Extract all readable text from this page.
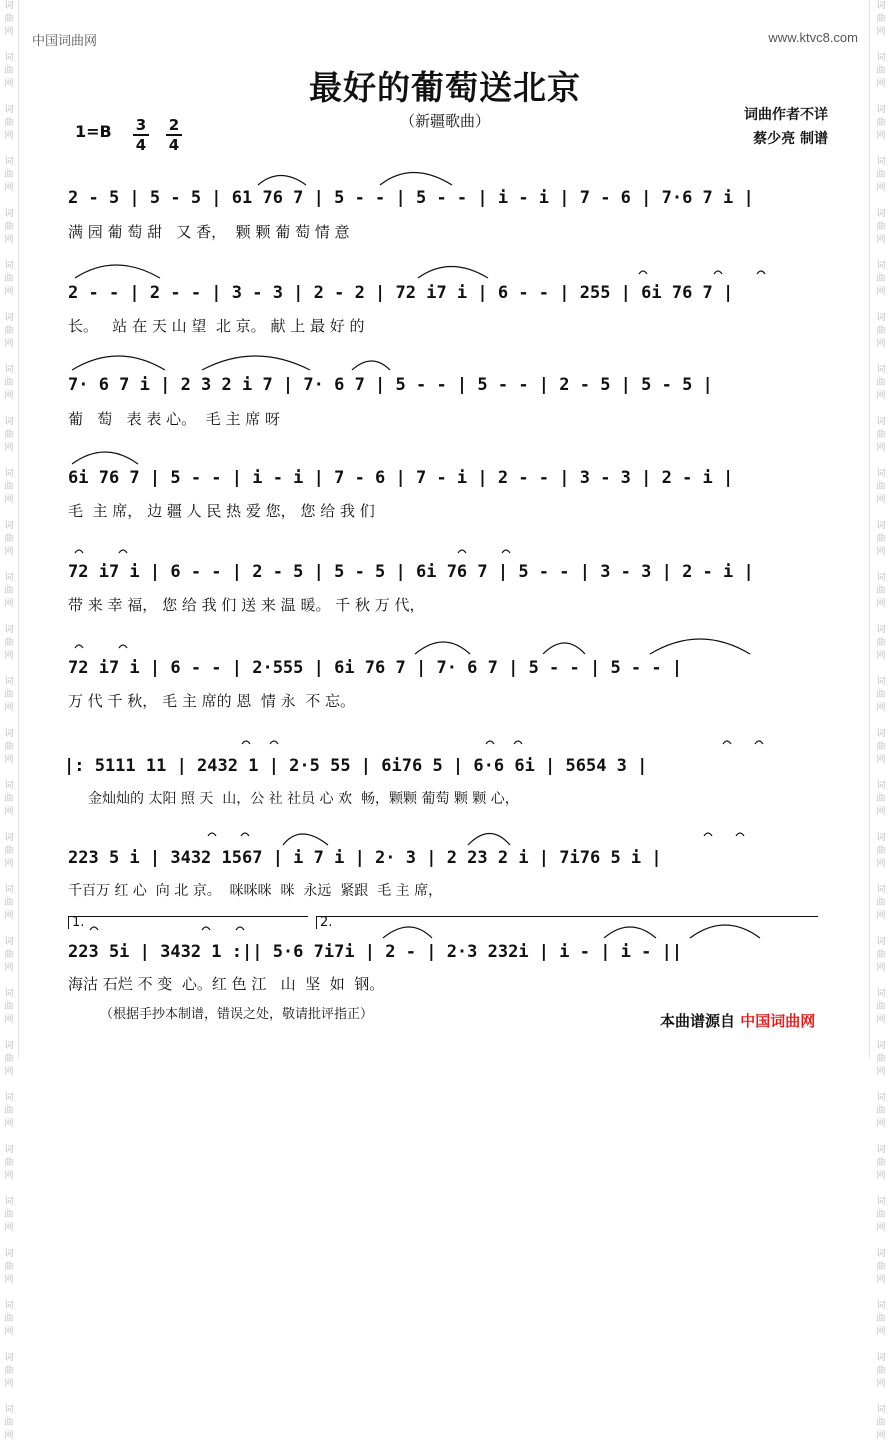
词
曲
网

词
曲
网

词
曲
网

词
曲
网

词
曲
网

词
曲
网

词
曲
网

词
曲
网

词
曲
网

词
曲
网

词
曲
网

词
曲
网

词
曲
网

词
曲
网

词
曲
网

词
曲
网

词
曲
网

词
曲
网

词
曲
网

词
曲
网

词
曲
网

词
曲
网

词
曲
网

词
曲
网

词
曲
网

词
曲
网

词
曲
网

词
曲
网

词
曲
网

词
曲
网

词
曲
网

词
曲
网

词
曲
网

词
曲
网

词
曲
网

词
曲
网

词
曲
网

词
曲
网

词
曲
网

词
曲
网

词
曲
网

词
曲
网

词
曲
网

词
曲
网

词
曲
网

词
曲
网

词
曲
网

词
曲
网

词
曲
网

词
曲
网

词
曲
网

词
曲
网

词
曲
网

词
曲
网

词
曲
网

词
曲
网

中国词曲网	www.ktvc8.com
最好的葡萄送北京
（新疆歌曲）
1=B 3
4
2
4
词曲作者不详
蔡少亮 制谱
2 - 5 | 5 - 5 | 61 76 7 | 5 - - | 5 - - | i - i | 7 - 6 | 7·6 7 i |
满 园 葡 萄 甜   又 香，  颗 颗 葡 萄 情 意
2 - - | 2 - - | 3 - 3 | 2 - 2 | 72 i7 i | 6 - - | 255 | 6i 76 7 |
长。   站 在 天 山 望  北 京。 献 上 最 好 的
7· 6 7 i | 2 3 2 i 7 | 7· 6 7 | 5 - - | 5 - - | 2 - 5 | 5 - 5 |
葡   萄   表 表 心。  毛 主 席 呀
6i 76 7 | 5 - - | i - i | 7 - 6 | 7 - i | 2 - - | 3 - 3 | 2 - i |
毛  主 席， 边 疆 人 民 热 爱 您， 您 给 我 们
72 i7 i | 6 - - | 2 - 5 | 5 - 5 | 6i 76 7 | 5 - - | 3 - 3 | 2 - i |
带 来 幸 福， 您 给 我 们 送 来 温 暖。 千 秋 万 代，
72 i7 i | 6 - - | 2·555 | 6i 76 7 | 7· 6 7 | 5 - - | 5 - - |
万 代 千 秋， 毛 主 席的 恩  情 永  不 忘。
|: 5111 11 | 2432 1 | 2·5 55 | 6i76 5 | 6·6 6i | 5654 3 |
金灿灿的 太阳 照 天  山，公 社 社员 心 欢  畅，颗颗 葡萄 颗 颗 心，
223 5 i | 3432 1567 | i 7 i | 2· 3 | 2 23 2 i | 7i76 5 i |
千百万 红 心  向 北 京。  咪咪咪  咪  永远  紧跟  毛 主 席，
1.	2.
223 5i | 3432 1 :|| 5·6 7i7i | 2 - | 2·3 232i | i - | i - ||
海沽 石烂 不 变  心。红 色 江   山  坚  如  钢。
（根据手抄本制谱，错误之处，敬请批评指正）	本曲谱源自 中国词曲网
